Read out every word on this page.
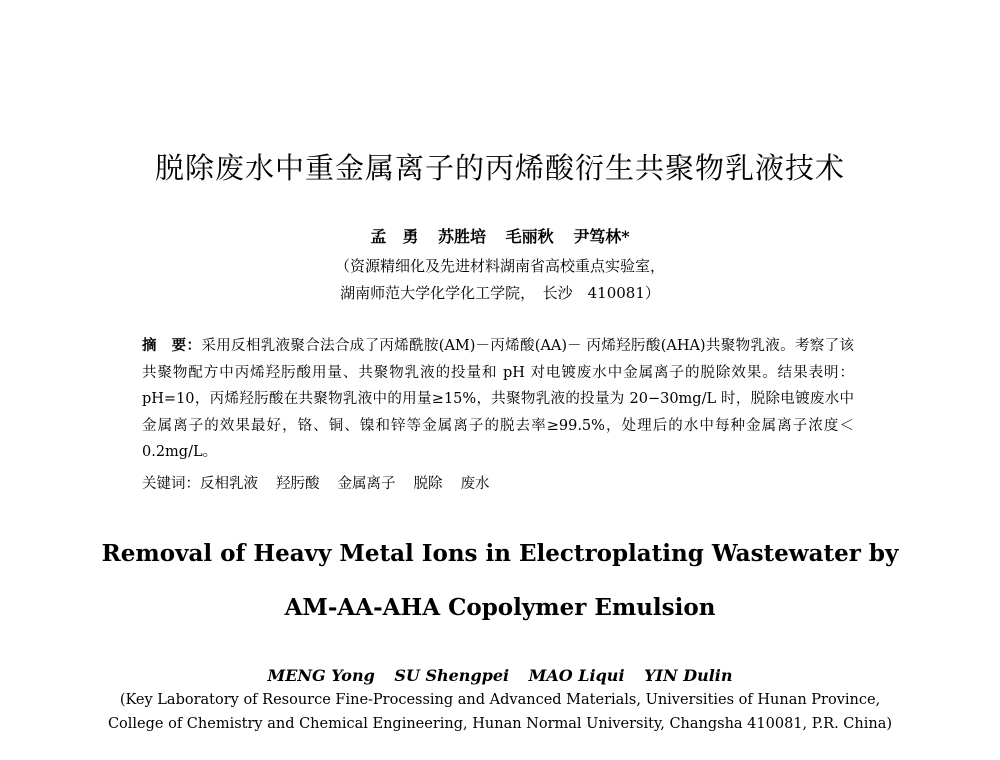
脱除废水中重金属离子的丙烯酸衍生共聚物乳液技术
孟　勇 苏胜培 毛丽秋 尹笃林*
（资源精细化及先进材料湖南省高校重点实验室，
湖南师范大学化学化工学院，　长沙　410081）
摘　要：采用反相乳液聚合法合成了丙烯酰胺(AM)－丙烯酸(AA)－ 丙烯羟肟酸(AHA)共聚物乳液。考察了该共聚物配方中丙烯羟肟酸用量、共聚物乳液的投量和 pH 对电镀废水中金属离子的脱除效果。结果表明：pH=10，丙烯羟肟酸在共聚物乳液中的用量≥15%，共聚物乳液的投量为 20−30mg/L 时，脱除电镀废水中金属离子的效果最好，铬、铜、镍和锌等金属离子的脱去率≥99.5%，处理后的水中每种金属离子浓度＜0.2mg/L。
关键词：反相乳液 羟肟酸 金属离子 脱除 废水
Removal of Heavy Metal Ions in Electroplating Wastewater by
AM-AA-AHA Copolymer Emulsion
MENG Yong SU Shengpei MAO Liqui YIN Dulin
(Key Laboratory of Resource Fine-Processing and Advanced Materials, Universities of Hunan Province,
College of Chemistry and Chemical Engineering, Hunan Normal University, Changsha 410081, P.R. China)
